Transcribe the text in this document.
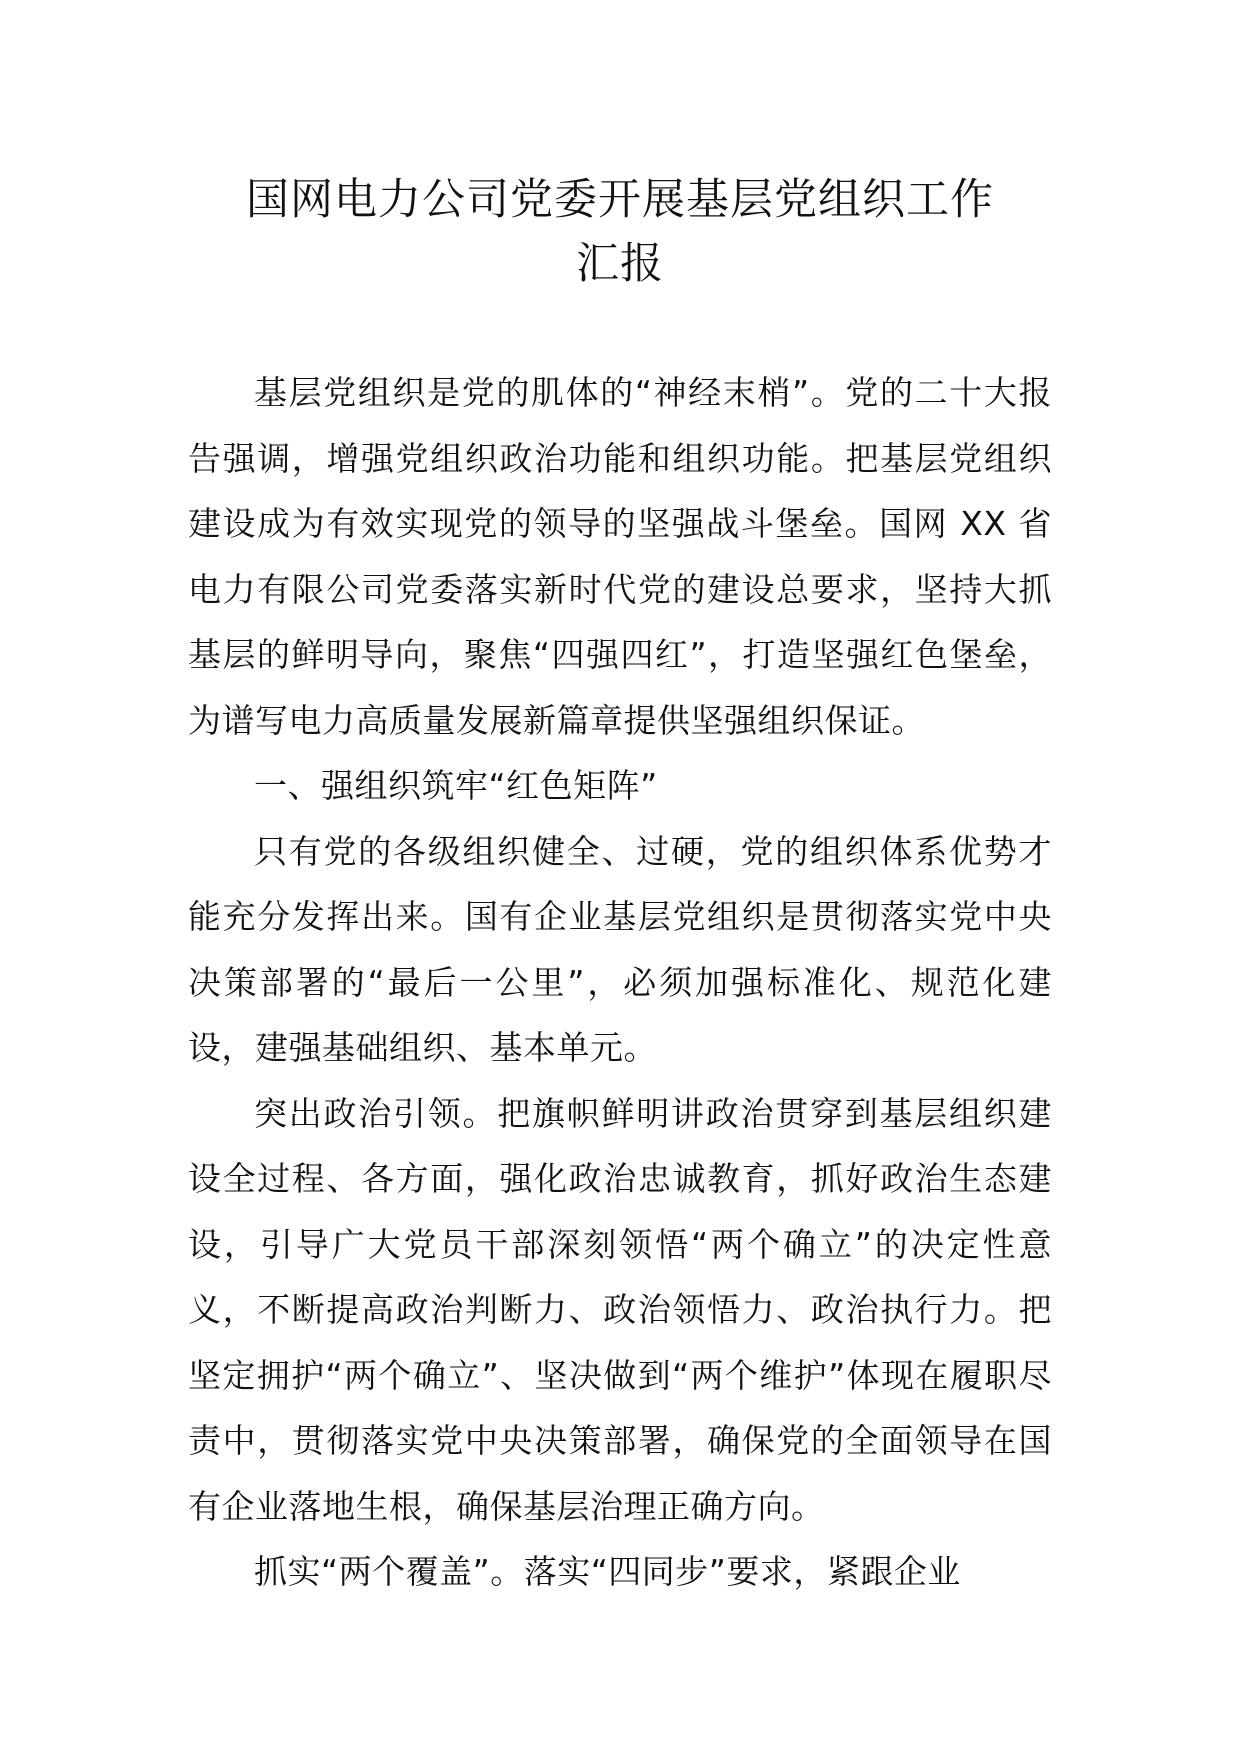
国网电力公司党委开展基层党组织工作
汇报

基层党组织是党的肌体的“神经末梢”。党的二十大报告强调，增强党组织政治功能和组织功能。把基层党组织建设成为有效实现党的领导的坚强战斗堡垒。国网 XX 省电力有限公司党委落实新时代党的建设总要求，坚持大抓基层的鲜明导向，聚焦“四强四红”，打造坚强红色堡垒，为谱写电力高质量发展新篇章提供坚强组织保证。

一、强组织筑牢“红色矩阵”

只有党的各级组织健全、过硬，党的组织体系优势才能充分发挥出来。国有企业基层党组织是贯彻落实党中央决策部署的“最后一公里”，必须加强标准化、规范化建设，建强基础组织、基本单元。

突出政治引领。把旗帜鲜明讲政治贯穿到基层组织建设全过程、各方面，强化政治忠诚教育，抓好政治生态建设，引导广大党员干部深刻领悟“两个确立”的决定性意义，不断提高政治判断力、政治领悟力、政治执行力。把坚定拥护“两个确立”、坚决做到“两个维护”体现在履职尽责中，贯彻落实党中央决策部署，确保党的全面领导在国有企业落地生根，确保基层治理正确方向。

抓实“两个覆盖”。落实“四同步”要求，紧跟企业
